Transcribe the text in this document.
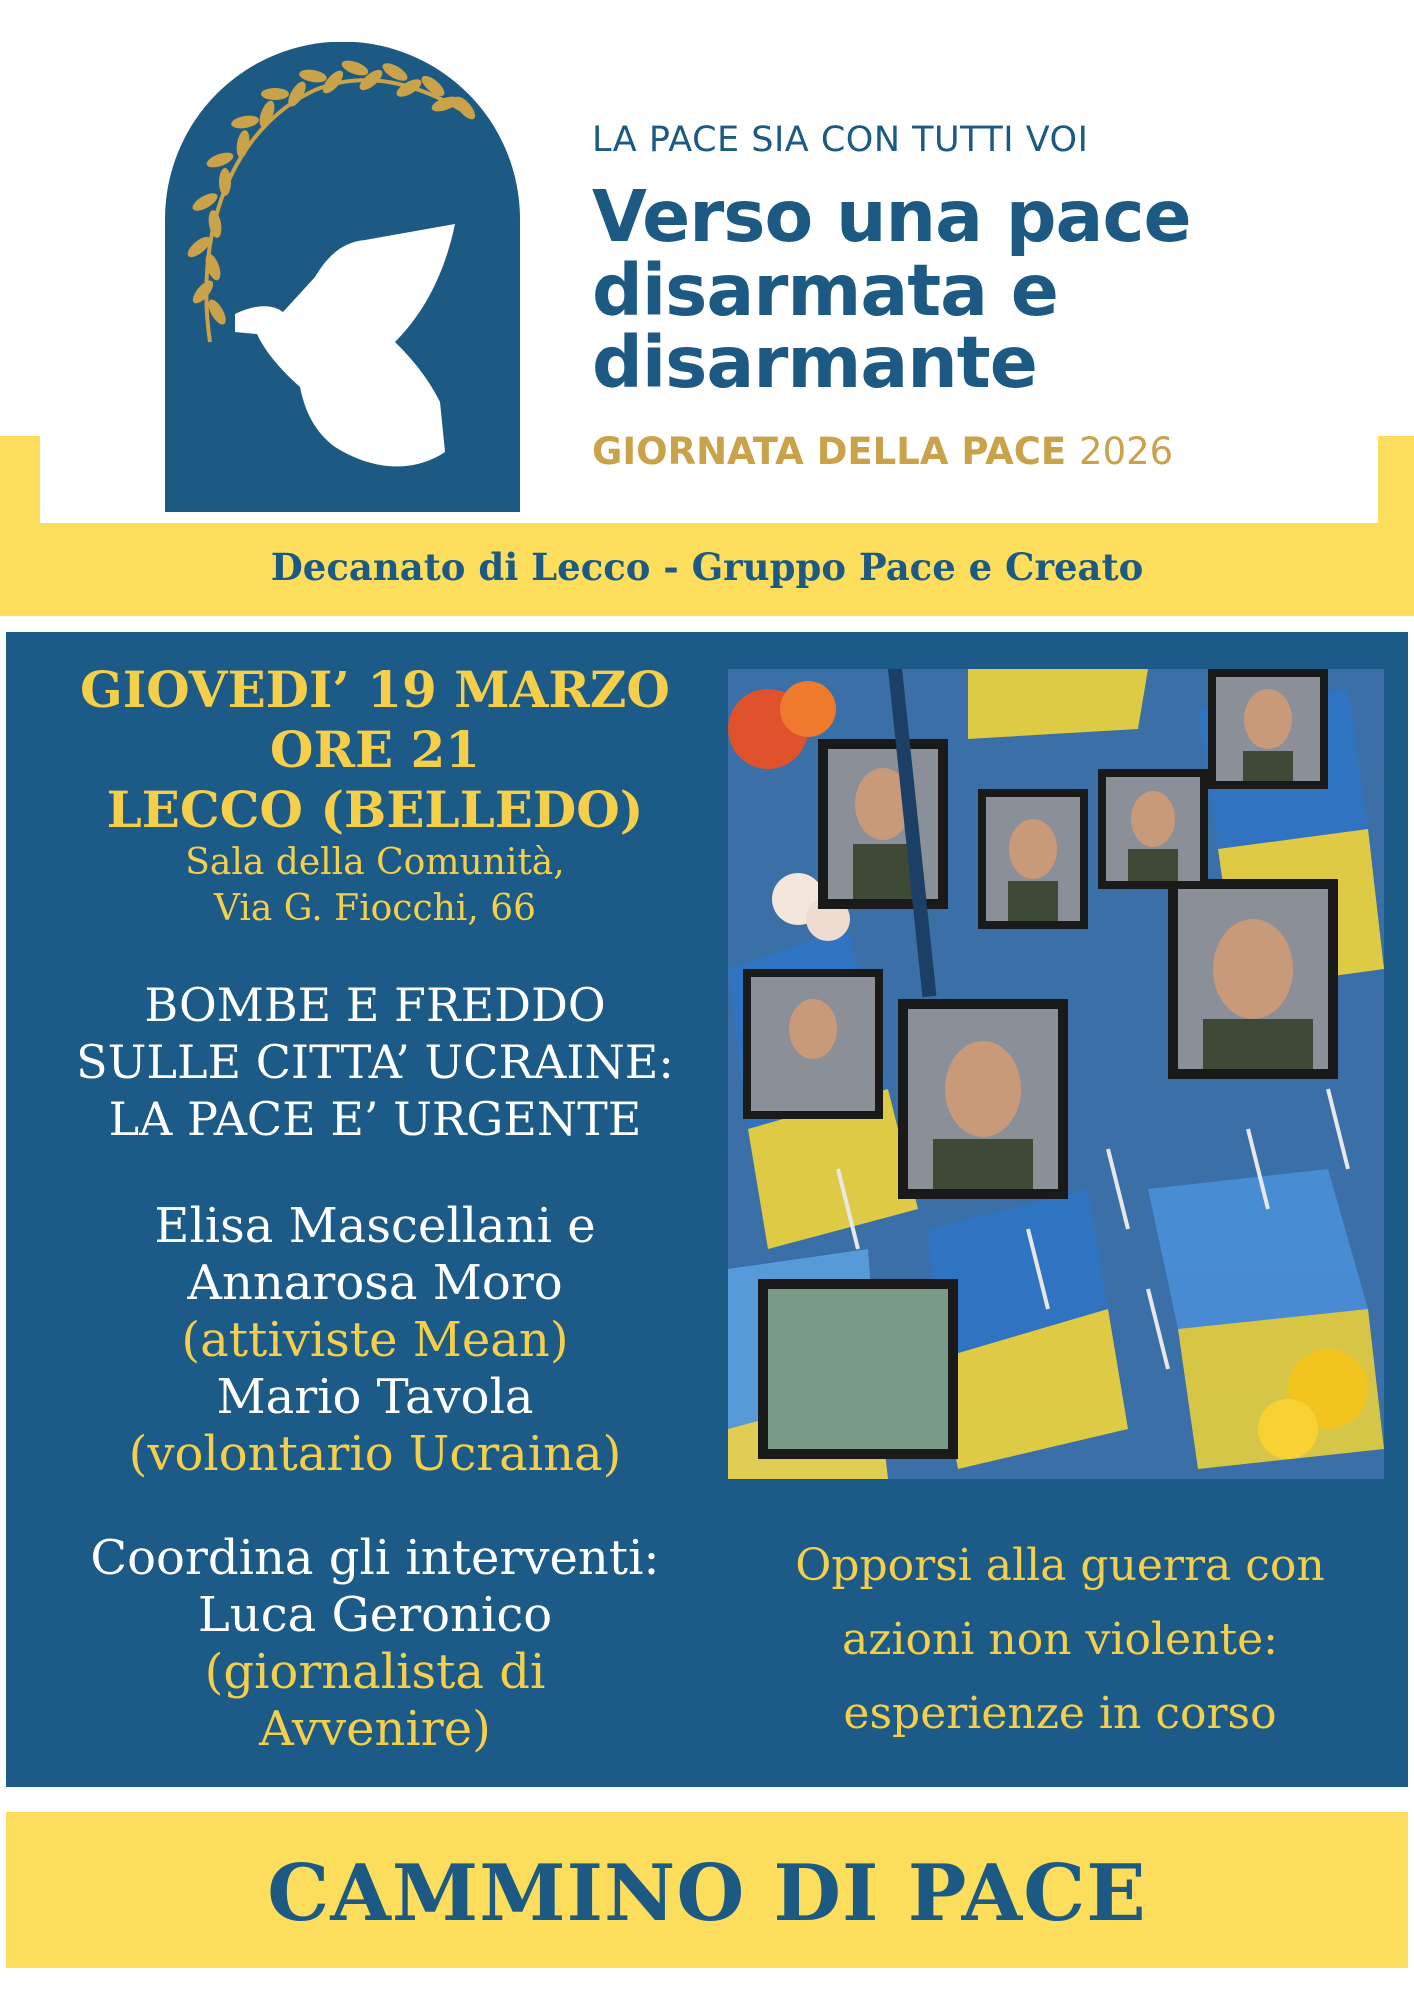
LA PACE SIA CON TUTTI VOI
Verso una pace
disarmata e
disarmante
GIORNATA DELLA PACE 2026
Decanato di Lecco - Gruppo Pace e Creato
GIOVEDI’ 19 MARZO
ORE 21
LECCO (BELLEDO)
Sala della Comunità,
Via G. Fiocchi, 66
BOMBE E FREDDO
SULLE CITTA’ UCRAINE:
LA PACE E’ URGENTE
Elisa Mascellani e
Annarosa Moro
(attiviste Mean)
Mario Tavola
(volontario Ucraina)
Coordina gli interventi:
Luca Geronico
(giornalista di
Avvenire)
Opporsi alla guerra con
azioni non violente:
esperienze in corso
CAMMINO DI PACE
